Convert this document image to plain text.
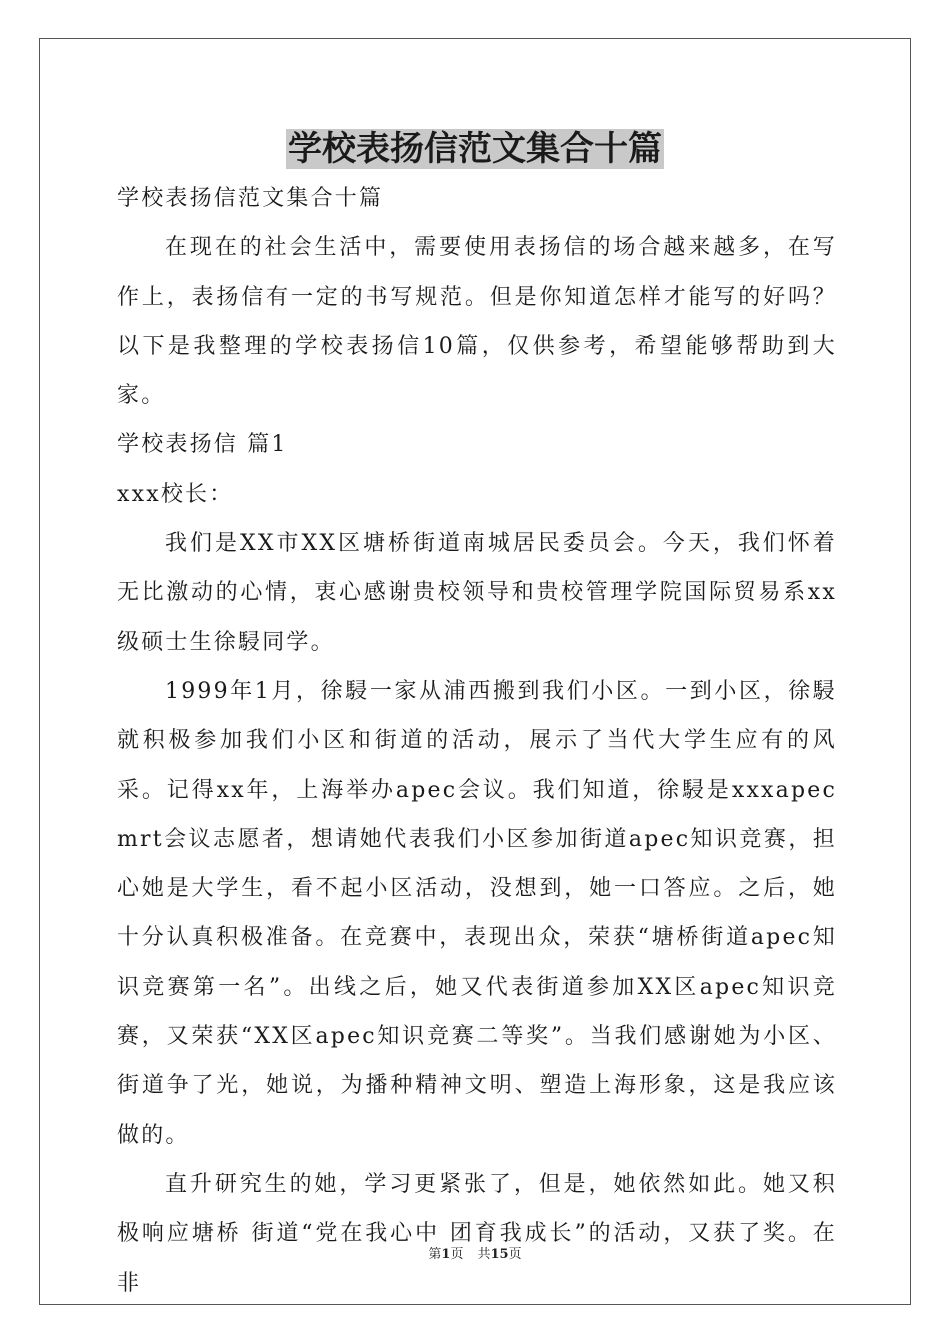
学校表扬信范文集合十篇

学校表扬信范文集合十篇

在现在的社会生活中，需要使用表扬信的场合越来越多，在写作上，表扬信有一定的书写规范。但是你知道怎样才能写的好吗？以下是我整理的学校表扬信10篇，仅供参考，希望能够帮助到大家。

学校表扬信 篇1

xxx校长：

我们是XX市XX区塘桥街道南城居民委员会。今天，我们怀着无比激动的心情，衷心感谢贵校领导和贵校管理学院国际贸易系xx级硕士生徐駸同学。

1999年1月，徐駸一家从浦西搬到我们小区。一到小区，徐駸就积极参加我们小区和街道的活动，展示了当代大学生应有的风采。记得xx年，上海举办apec会议。我们知道，徐駸是xxxapec mrt会议志愿者，想请她代表我们小区参加街道apec知识竞赛，担心她是大学生，看不起小区活动，没想到，她一口答应。之后，她十分认真积极准备。在竞赛中，表现出众，荣获“塘桥街道apec知识竞赛第一名”。出线之后，她又代表街道参加XX区apec知识竞赛，又荣获“XX区apec知识竞赛二等奖”。当我们感谢她为小区、街道争了光，她说，为播种精神文明、塑造上海形象，这是我应该做的。

直升研究生的她，学习更紧张了，但是，她依然如此。她又积极响应塘桥 街道“党在我心中 团育我成长”的活动，又获了奖。在非

第1页 共15页
